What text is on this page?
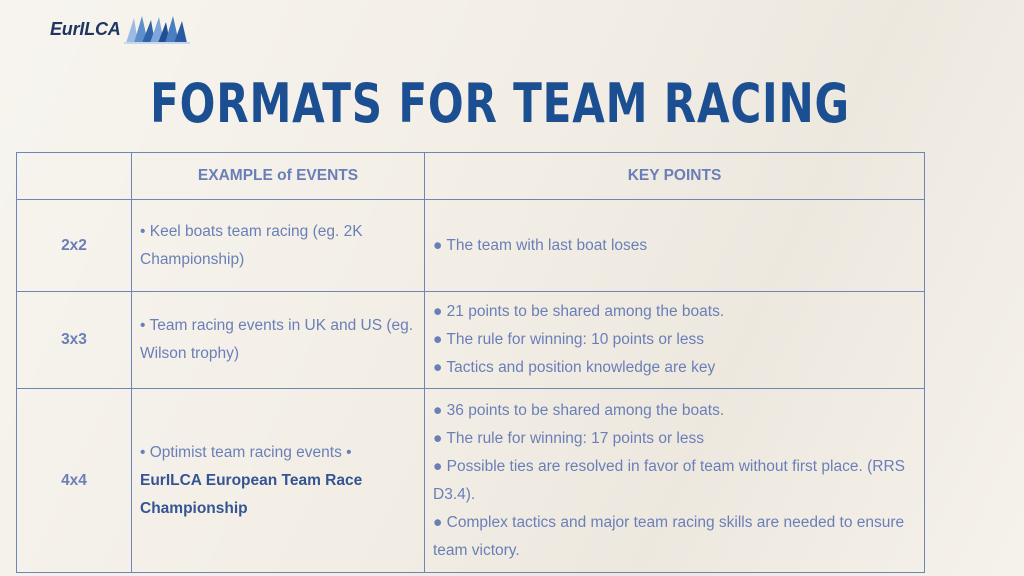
EurILCA
FORMATS FOR TEAM RACING
	EXAMPLE of EVENTS	KEY POINTS
2x2	• Keel boats team racing (eg. 2K Championship)	● The team with last boat loses

3x3	• Team racing events in UK and US (eg. Wilson trophy)	● 21 points to be shared among the boats.
● The rule for winning: 10 points or less
● Tactics and position knowledge are key

4x4	• Optimist team racing events • EurILCA European Team Race Championship	● 36 points to be shared among the boats.
● The rule for winning: 17 points or less
● Possible ties are resolved in favor of team without first place. (RRS D3.4).
● Complex tactics and major team racing skills are needed to ensure team victory.
